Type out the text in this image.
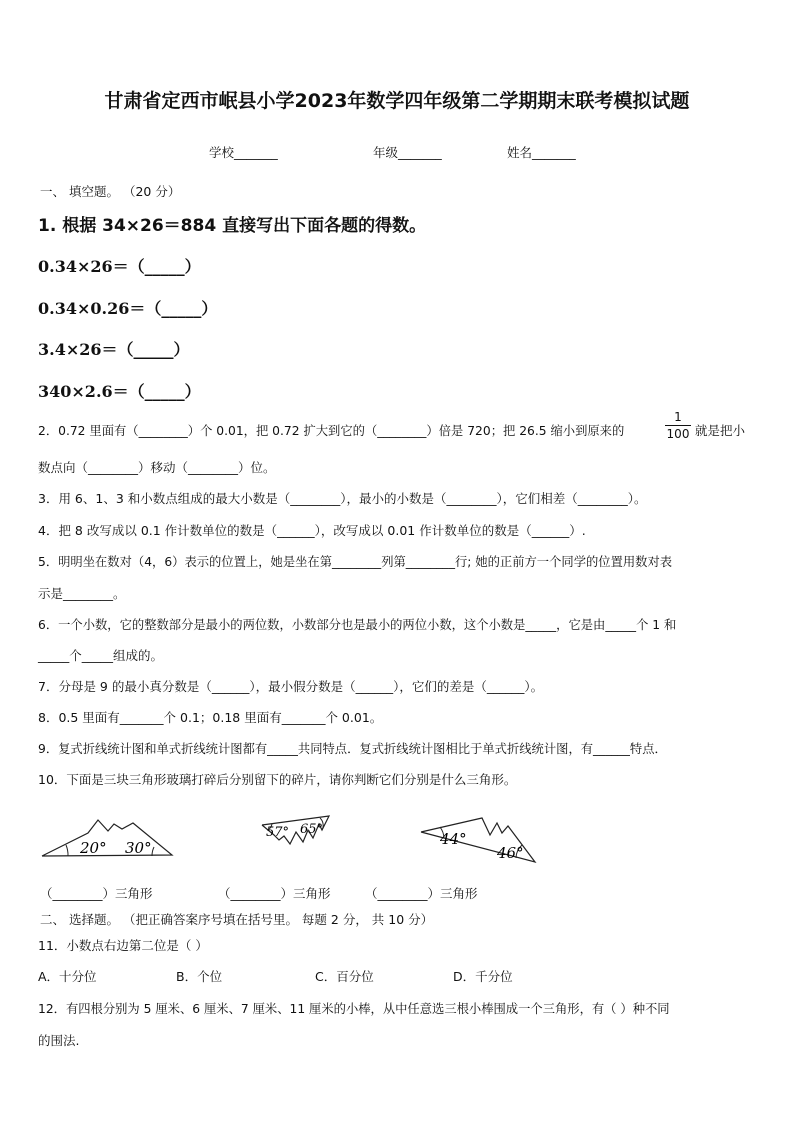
甘肃省定西市岷县小学2023年数学四年级第二学期期末联考模拟试题
学校_______	年级_______	姓名_______
一、 填空题。 （20 分）
1. 根据 34×26＝884 直接写出下面各题的得数。
0.34×26＝（_____）
0.34×0.26＝（_____）
3.4×26＝（_____）
340×2.6＝（_____）
2．0.72 里面有（________）个 0.01，把 0.72 扩大到它的（________）倍是 720；把 26.5 缩小到原来的
1
100 就是把小
数点向（________）移动（________）位。
3．用 6、1、3 和小数点组成的最大小数是（________），最小的小数是（________），它们相差（________）。
4．把 8 改写成以 0.1 作计数单位的数是（______），改写成以 0.01 作计数单位的数是（______）.
5．明明坐在数对（4，6）表示的位置上，她是坐在第________列第________行; 她的正前方一个同学的位置用数对表
示是________。
6．一个小数，它的整数部分是最小的两位数，小数部分也是最小的两位小数，这个小数是_____，它是由_____个 1 和
_____个_____组成的。
7．分母是 9 的最小真分数是（______），最小假分数是（______），它们的差是（______）。
8．0.5 里面有_______个 0.1；0.18 里面有_______个 0.01。
9．复式折线统计图和单式折线统计图都有_____共同特点．复式折线统计图相比于单式折线统计图，有______特点．
10．下面是三块三角形玻璃打碎后分别留下的碎片，请你判断它们分别是什么三角形。
20° 30°
57° 65°
44°
46°
（________）三角形	（________）三角形	（________）三角形
二、 选择题。 （把正确答案序号填在括号里。 每题 2 分， 共 10 分）
11．小数点右边第二位是（ ）
A．十分位	B．个位	C．百分位	D．千分位
12．有四根分别为 5 厘米、6 厘米、7 厘米、11 厘米的小棒，从中任意选三根小棒围成一个三角形，有（ ）种不同
的围法.
